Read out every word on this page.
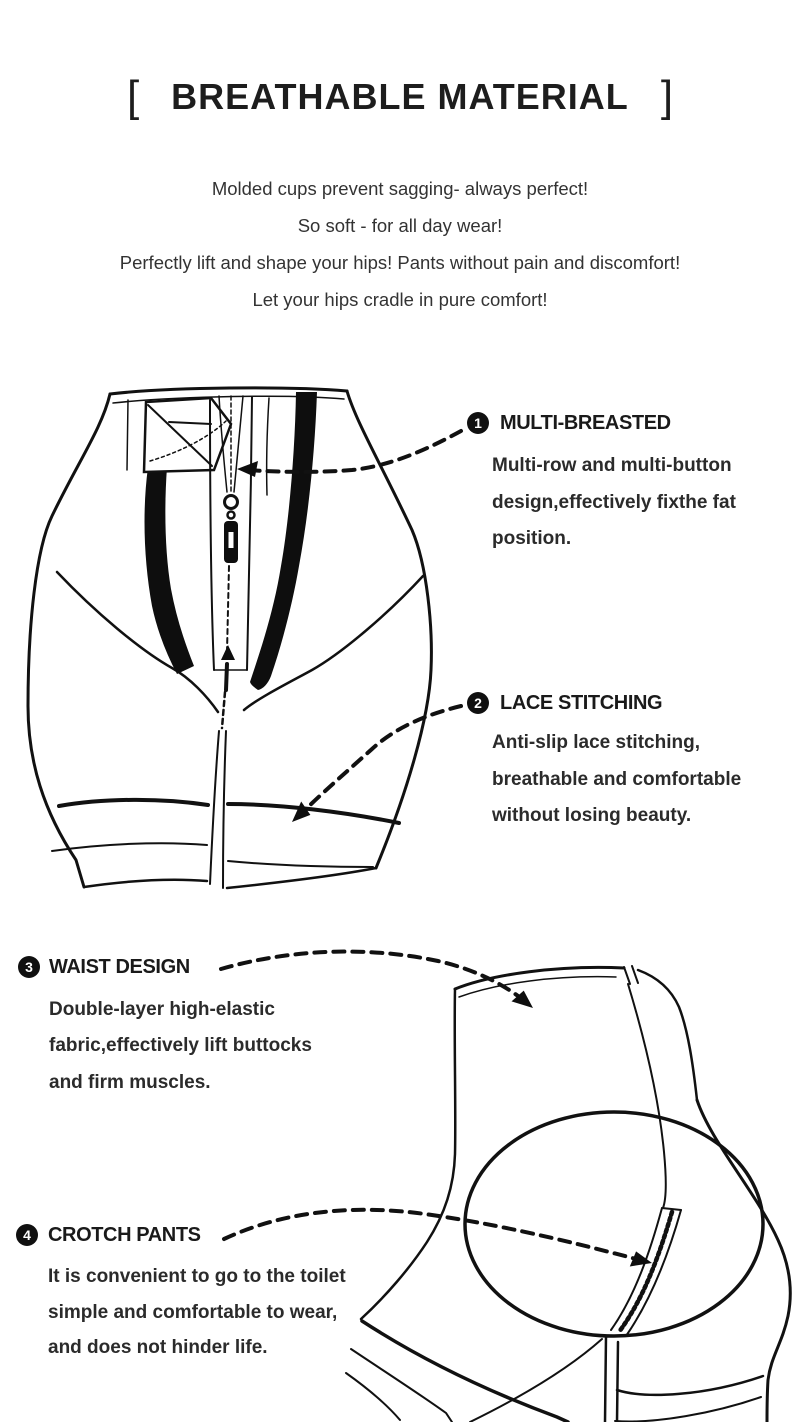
[ BREATHABLE MATERIAL ]
Molded cups prevent sagging- always perfect!
So soft - for all day wear!
Perfectly lift and shape your hips! Pants without pain and discomfort!
Let your hips cradle in pure comfort!
1 MULTI-BREASTED
Multi-row and multi-button
design,effectively fixthe fat
position.
2 LACE STITCHING
Anti-slip lace stitching,
breathable and comfortable
without losing beauty.
3 WAIST DESIGN
Double-layer high-elastic
fabric,effectively lift buttocks
and firm muscles.
4 CROTCH PANTS
It is convenient to go to the toilet
simple and comfortable to wear,
and does not hinder life.
